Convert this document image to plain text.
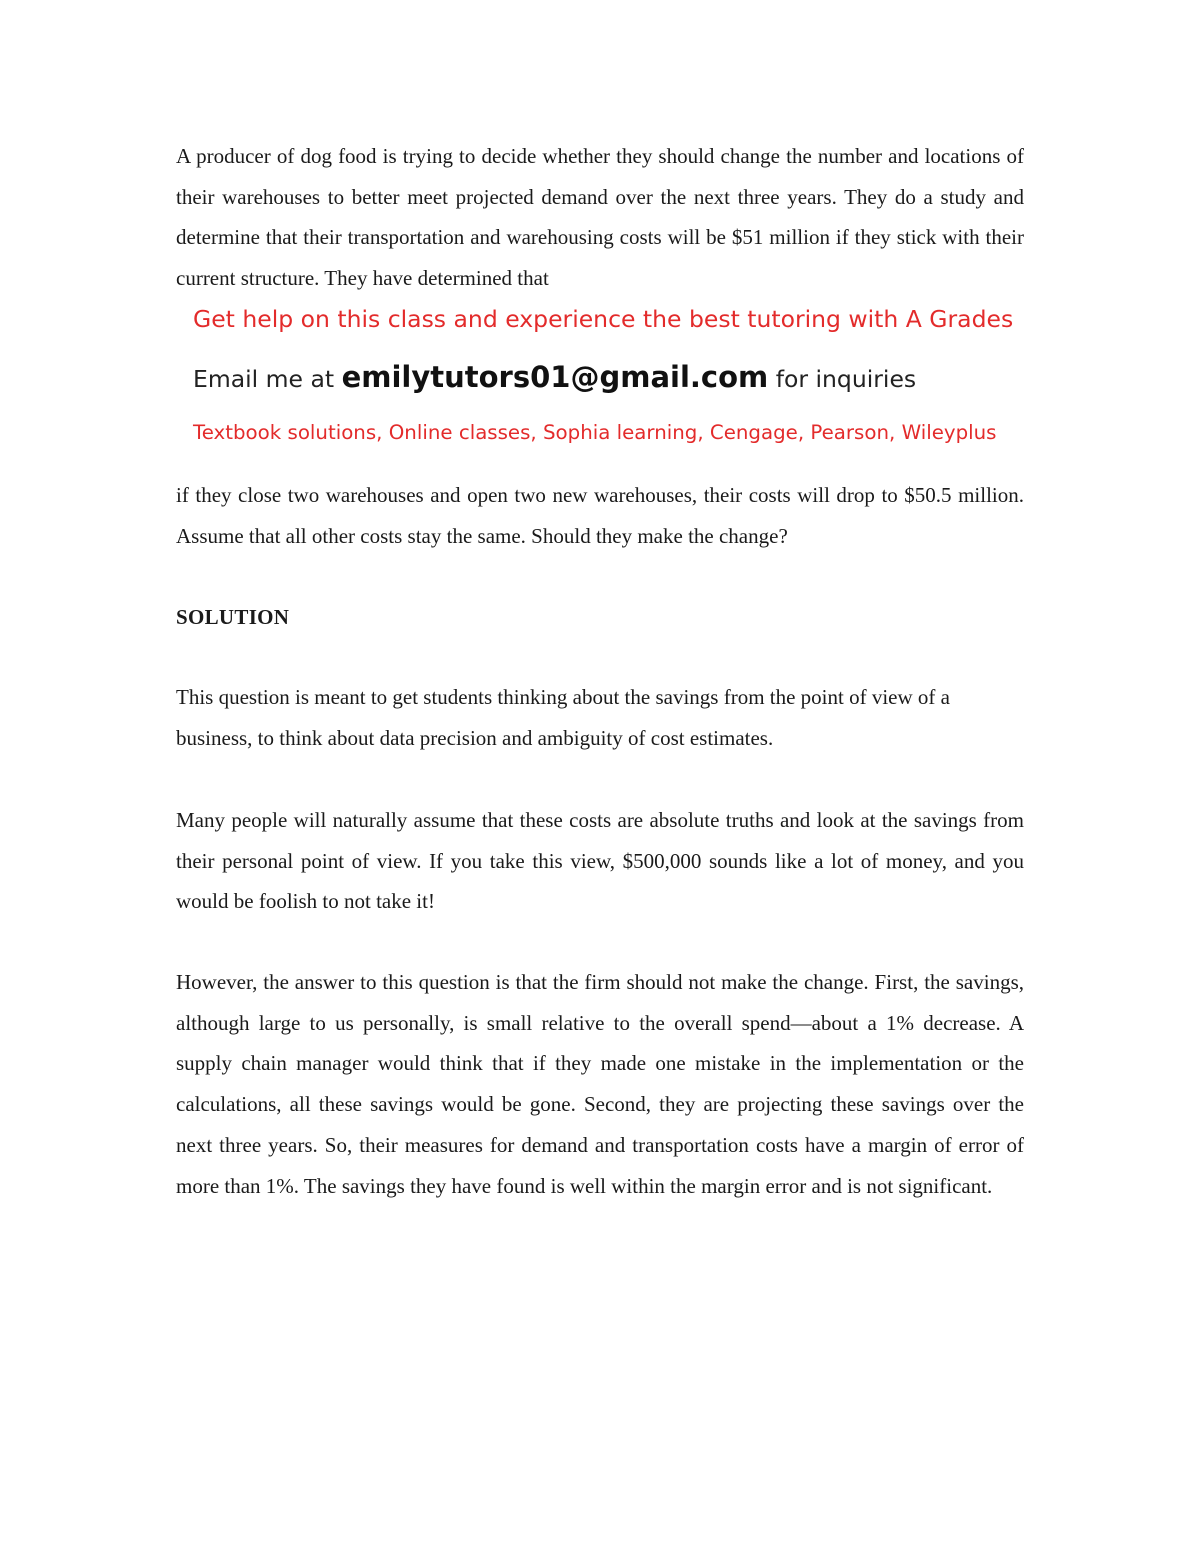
A producer of dog food is trying to decide whether they should change the number and locations of their warehouses to better meet projected demand over the next three years. They do a study and determine that their transportation and warehousing costs will be $51 million if they stick with their current structure. They have determined that

Get help on this class and experience the best tutoring with A Grades

Email me at emilytutors01@gmail.com for inquiries

Textbook solutions, Online classes, Sophia learning, Cengage, Pearson, Wileyplus

if they close two warehouses and open two new warehouses, their costs will drop to $50.5 million. Assume that all other costs stay the same. Should they make the change?

SOLUTION

This question is meant to get students thinking about the savings from the point of view of a business, to think about data precision and ambiguity of cost estimates.

Many people will naturally assume that these costs are absolute truths and look at the savings from their personal point of view. If you take this view, $500,000 sounds like a lot of money, and you would be foolish to not take it!

However, the answer to this question is that the firm should not make the change. First, the savings, although large to us personally, is small relative to the overall spend—about a 1% decrease. A supply chain manager would think that if they made one mistake in the implementation or the calculations, all these savings would be gone. Second, they are projecting these savings over the next three years. So, their measures for demand and transportation costs have a margin of error of more than 1%. The savings they have found is well within the margin error and is not significant.
